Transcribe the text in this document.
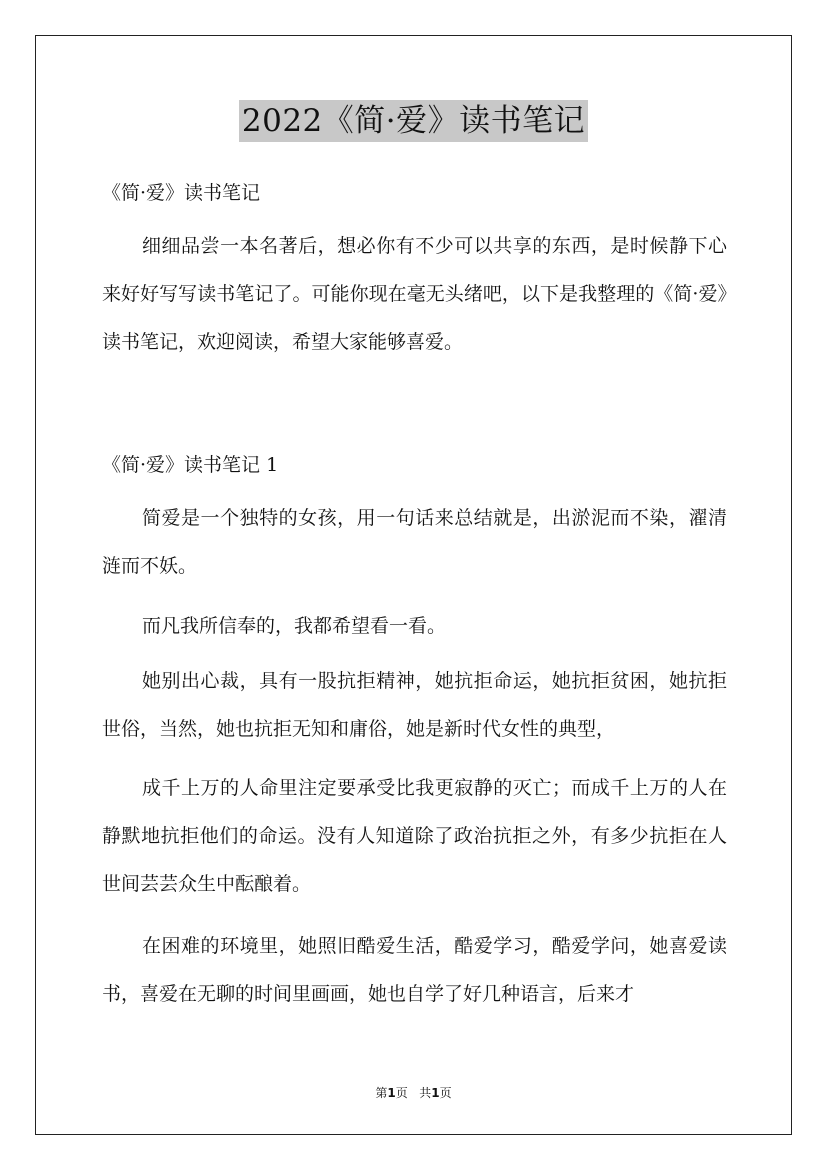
2022《简·爱》读书笔记
《简·爱》读书笔记
细细品尝一本名著后，想必你有不少可以共享的东西，是时候静下心来好好写写读书笔记了。可能你现在毫无头绪吧，以下是我整理的《简·爱》读书笔记，欢迎阅读，希望大家能够喜爱。
《简·爱》读书笔记 1
简爱是一个独特的女孩，用一句话来总结就是，出淤泥而不染，濯清涟而不妖。
而凡我所信奉的，我都希望看一看。
她别出心裁，具有一股抗拒精神，她抗拒命运，她抗拒贫困，她抗拒世俗，当然，她也抗拒无知和庸俗，她是新时代女性的典型，
成千上万的人命里注定要承受比我更寂静的灭亡；而成千上万的人在静默地抗拒他们的命运。没有人知道除了政治抗拒之外，有多少抗拒在人世间芸芸众生中酝酿着。
在困难的环境里，她照旧酷爱生活，酷爱学习，酷爱学问，她喜爱读书，喜爱在无聊的时间里画画，她也自学了好几种语言，后来才
第1页 共1页
